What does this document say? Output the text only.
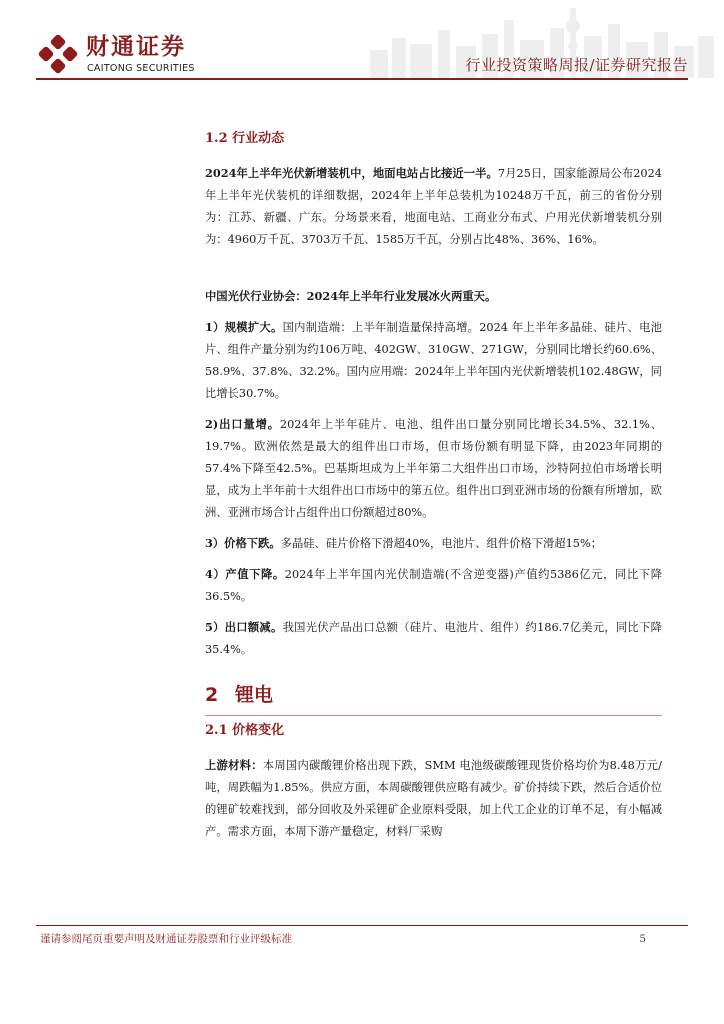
财通证券
CAITONG SECURITIES	行业投资策略周报/证券研究报告
1.2 行业动态

2024年上半年光伏新增装机中，地面电站占比接近一半。7月25日，国家能源局公布2024年上半年光伏装机的详细数据，2024年上半年总装机为10248万千瓦，前三的省份分别为：江苏、新疆、广东。分场景来看，地面电站、工商业分布式、户用光伏新增装机分别为：4960万千瓦、3703万千瓦、1585万千瓦，分别占比48%、36%、16%。

中国光伏行业协会：2024年上半年行业发展冰火两重天。

1）规模扩大。国内制造端：上半年制造量保持高增。2024 年上半年多晶硅、硅片、电池片、组件产量分别为约106万吨、402GW、310GW、271GW，分别同比增长约60.6%、58.9%、37.8%、32.2%。国内应用端：2024年上半年国内光伏新增装机102.48GW，同比增长30.7%。

2)出口量增。2024年上半年硅片、电池、组件出口量分别同比增长34.5%、32.1%、19.7%。欧洲依然是最大的组件出口市场，但市场份额有明显下降，由2023年同期的57.4%下降至42.5%。巴基斯坦成为上半年第二大组件出口市场，沙特阿拉伯市场增长明显，成为上半年前十大组件出口市场中的第五位。组件出口到亚洲市场的份额有所增加，欧洲、亚洲市场合计占组件出口份额超过80%。

3）价格下跌。多晶硅、硅片价格下滑超40%，电池片、组件价格下滑超15%；

4）产值下降。2024年上半年国内光伏制造端(不含逆变器)产值约5386亿元，同比下降36.5%。

5）出口额减。我国光伏产品出口总额（硅片、电池片、组件）约186.7亿美元，同比下降35.4%。

2 锂电
2.1 价格变化

上游材料：本周国内碳酸锂价格出现下跌，SMM 电池级碳酸锂现货价格均价为8.48万元/吨，周跌幅为1.85%。供应方面，本周碳酸锂供应略有减少。矿价持续下跌，然后合适价位的锂矿较难找到，部分回收及外采锂矿企业原料受限，加上代工企业的订单不足，有小幅减产。需求方面，本周下游产量稳定，材料厂采购

谨请参阅尾页重要声明及财通证券股票和行业评级标准	5
